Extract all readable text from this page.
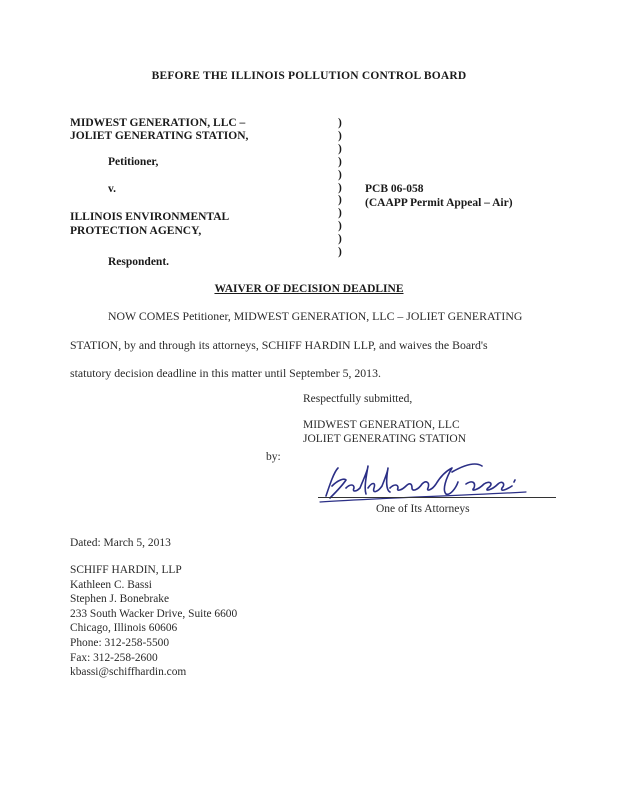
BEFORE THE ILLINOIS POLLUTION CONTROL BOARD
MIDWEST GENERATION, LLC –
JOLIET GENERATING STATION,
Petitioner,
v.
ILLINOIS ENVIRONMENTAL
PROTECTION AGENCY,
Respondent.
)
)
)
)
)
)
)
)
)
)
)
PCB 06-058
(CAAPP Permit Appeal – Air)
WAIVER OF DECISION DEADLINE
NOW COMES Petitioner, MIDWEST GENERATION, LLC – JOLIET GENERATING
STATION, by and through its attorneys, SCHIFF HARDIN LLP, and waives the Board's
statutory decision deadline in this matter until September 5, 2013.
Respectfully submitted,
MIDWEST GENERATION, LLC
JOLIET GENERATING STATION
by:
One of Its Attorneys
Dated: March 5, 2013
SCHIFF HARDIN, LLP
Kathleen C. Bassi
Stephen J. Bonebrake
233 South Wacker Drive, Suite 6600
Chicago, Illinois 60606
Phone: 312-258-5500
Fax: 312-258-2600
kbassi@schiffhardin.com
